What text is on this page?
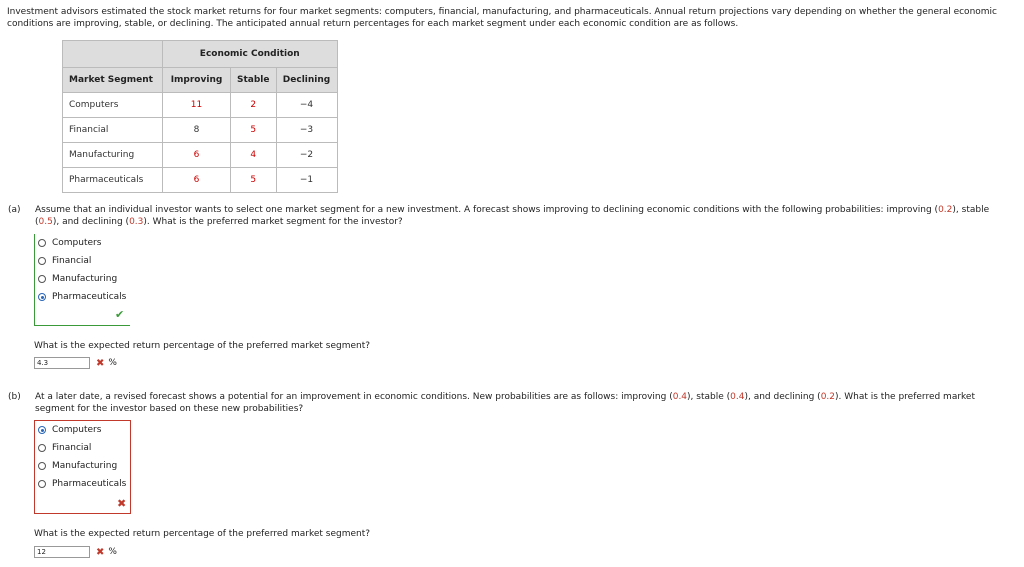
Investment advisors estimated the stock market returns for four market segments: computers, financial, manufacturing, and pharmaceuticals. Annual return projections vary depending on whether the general economic

conditions are improving, stable, or declining. The anticipated annual return percentages for each market segment under each economic condition are as follows.

	Economic Condition		
Market Segment	Improving	Stable	Declining
Computers	11	2	−4
Financial	8	5	−3
Manufacturing	6	4	−2
Pharmaceuticals	6	5	−1
(a) Assume that an individual investor wants to select one market segment for a new investment. A forecast shows improving to declining economic conditions with the following probabilities: improving (0.2), stable
(0.5), and declining (0.3). What is the preferred market segment for the investor?
Computers
Financial
Manufacturing
Pharmaceuticals
✔
What is the expected return percentage of the preferred market segment?
4.3
✖ %
(b) At a later date, a revised forecast shows a potential for an improvement in economic conditions. New probabilities are as follows: improving (0.4), stable (0.4), and declining (0.2). What is the preferred market
segment for the investor based on these new probabilities?
Computers
Financial
Manufacturing
Pharmaceuticals
✖
What is the expected return percentage of the preferred market segment?
12
✖ %
